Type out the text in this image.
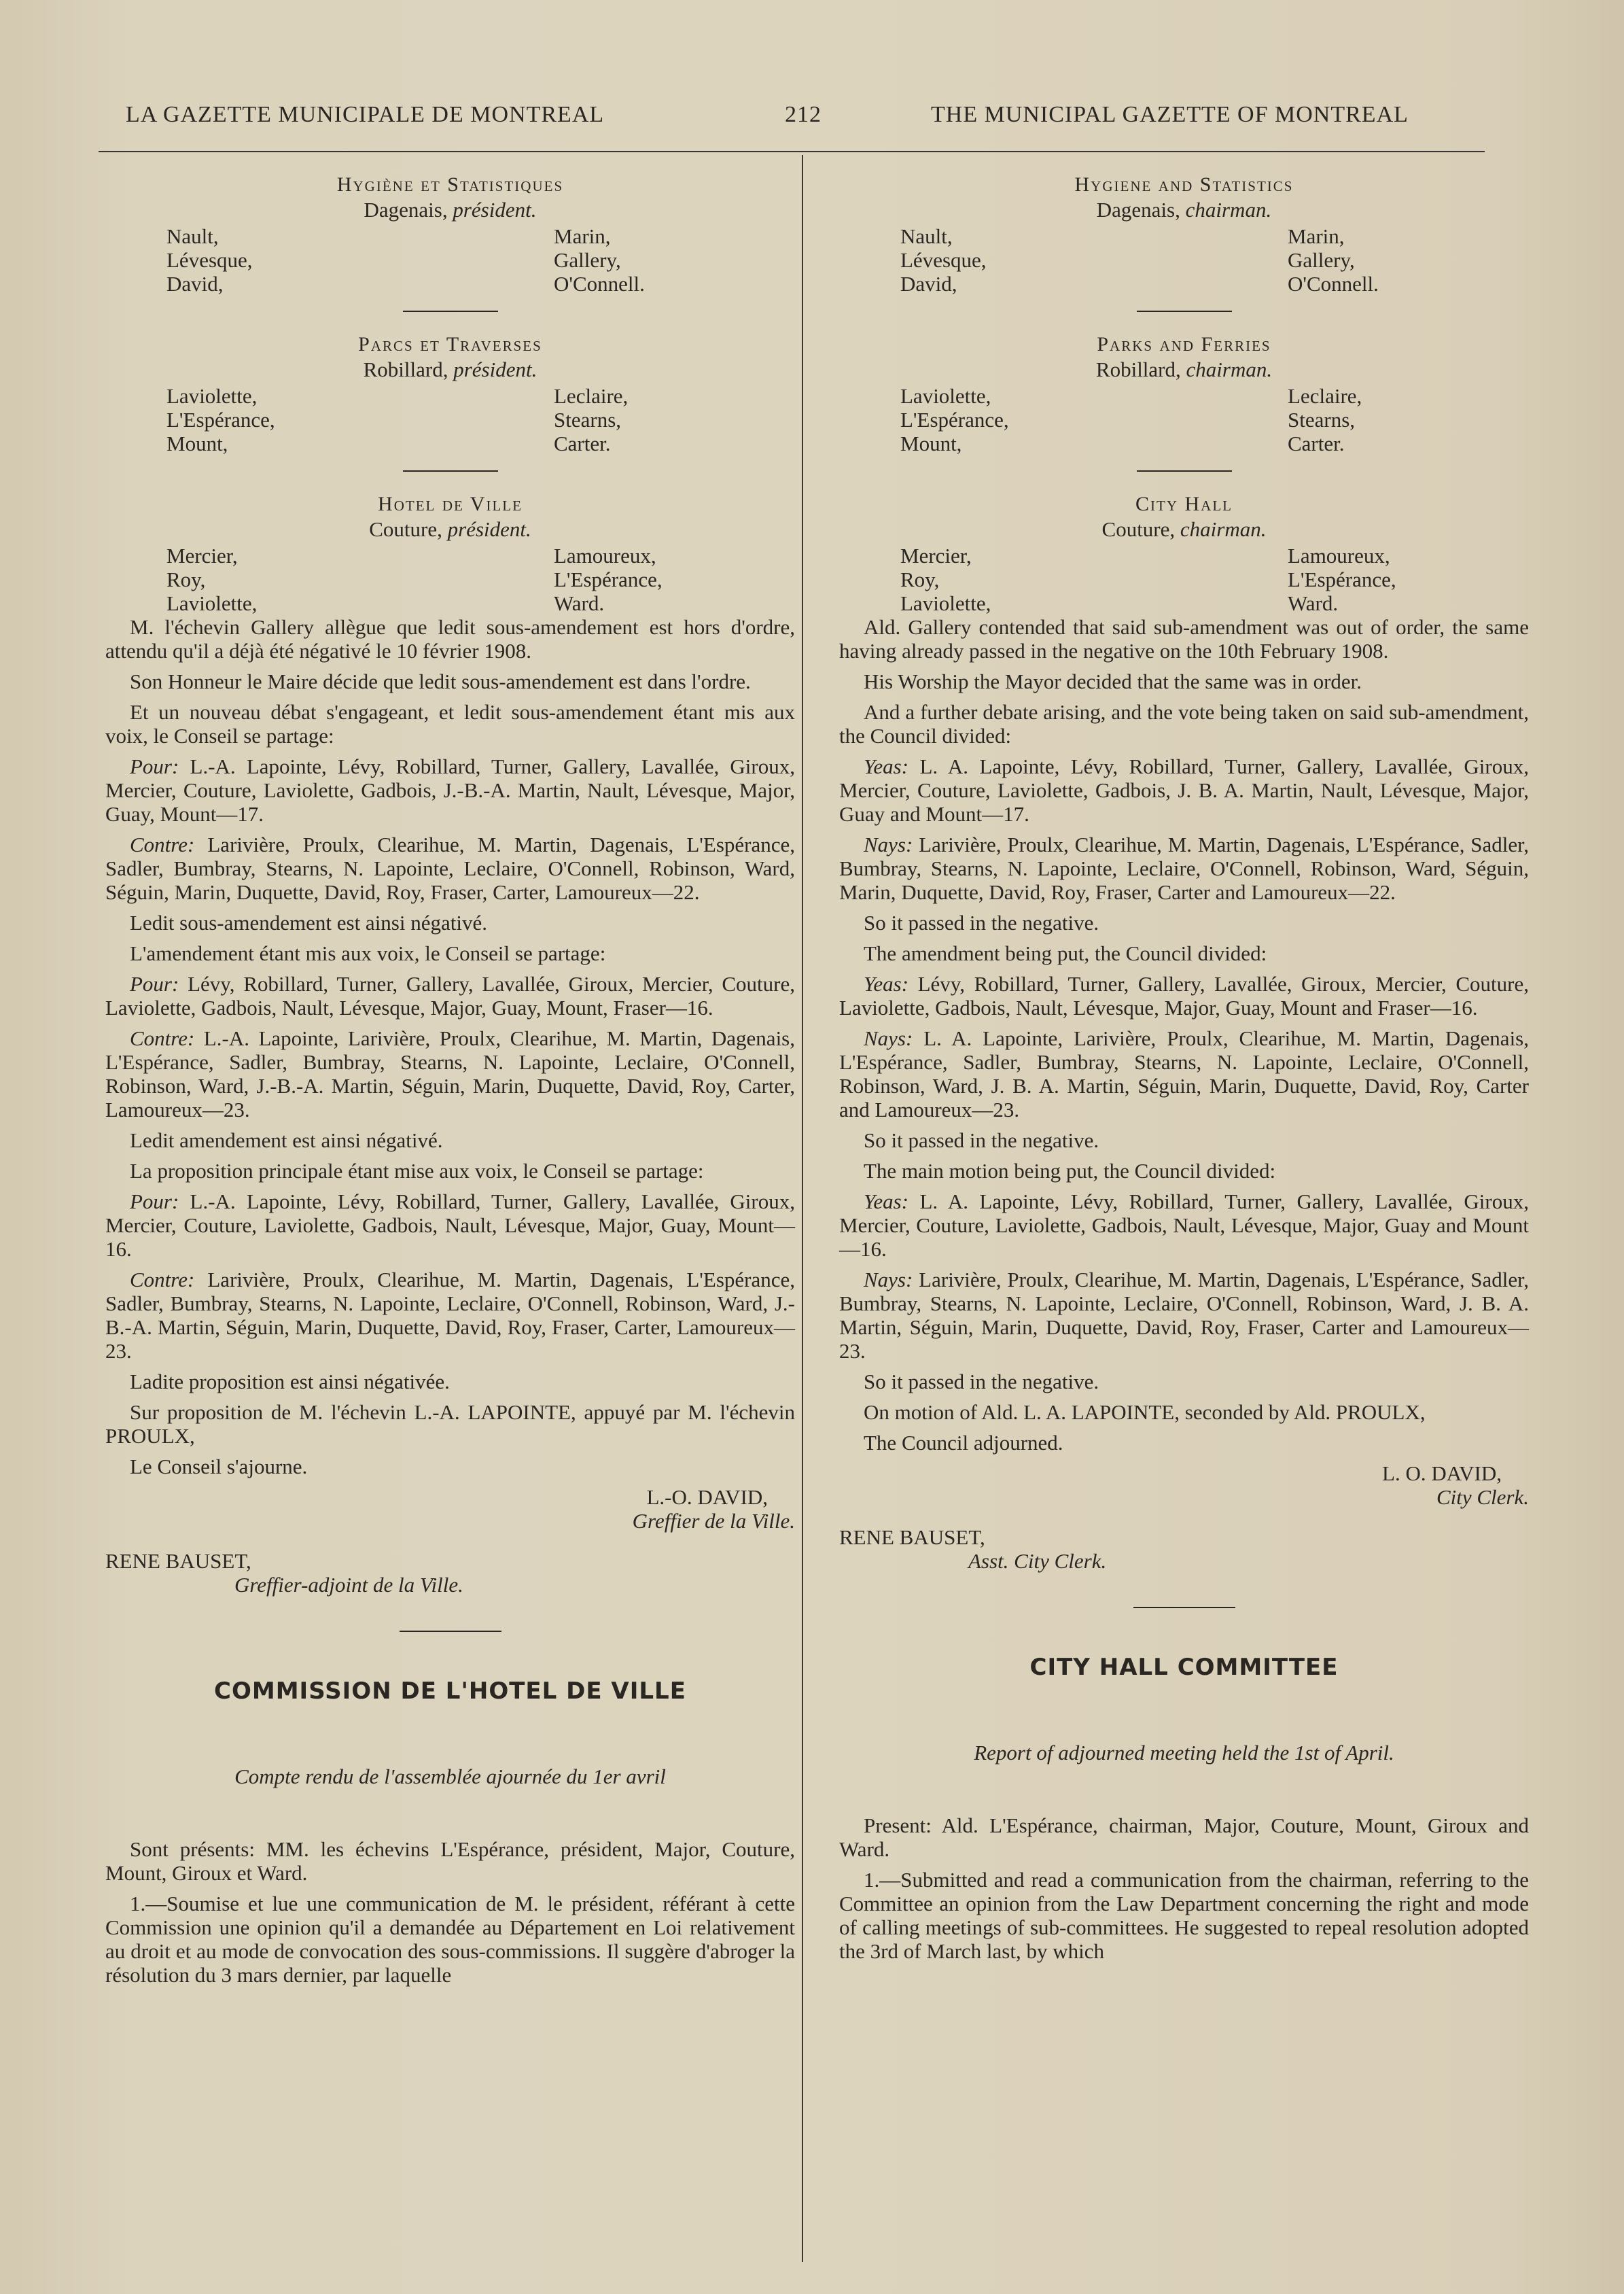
LA GAZETTE MUNICIPALE DE MONTREAL	212	THE MUNICIPAL GAZETTE OF MONTREAL
Hygiène et Statistiques
Dagenais, président.
Nault,
Lévesque,
David,
Marin,
Gallery,
O'Connell.
Parcs et Traverses
Robillard, président.
Laviolette,
L'Espérance,
Mount,
Leclaire,
Stearns,
Carter.
Hotel de Ville
Couture, président.
Mercier,
Roy,
Laviolette,
Lamoureux,
L'Espérance,
Ward.

M. l'échevin Gallery allègue que ledit sous-amendement est hors d'ordre, attendu qu'il a déjà été négativé le 10 février 1908.

Son Honneur le Maire décide que ledit sous-amendement est dans l'ordre.

Et un nouveau débat s'engageant, et ledit sous-amendement étant mis aux voix, le Conseil se partage:

Pour: L.-A. Lapointe, Lévy, Robillard, Turner, Gallery, Lavallée, Giroux, Mercier, Couture, Laviolette, Gadbois, J.-B.-A. Martin, Nault, Lévesque, Major, Guay, Mount—17.

Contre: Larivière, Proulx, Clearihue, M. Martin, Dagenais, L'Espérance, Sadler, Bumbray, Stearns, N. Lapointe, Leclaire, O'Connell, Robinson, Ward, Séguin, Marin, Duquette, David, Roy, Fraser, Carter, Lamoureux—22.

Ledit sous-amendement est ainsi négativé.

L'amendement étant mis aux voix, le Conseil se partage:

Pour: Lévy, Robillard, Turner, Gallery, Lavallée, Giroux, Mercier, Couture, Laviolette, Gadbois, Nault, Lévesque, Major, Guay, Mount, Fraser—16.

Contre: L.-A. Lapointe, Larivière, Proulx, Clearihue, M. Martin, Dagenais, L'Espérance, Sadler, Bumbray, Stearns, N. Lapointe, Leclaire, O'Connell, Robinson, Ward, J.-B.-A. Martin, Séguin, Marin, Duquette, David, Roy, Carter, Lamoureux—23.

Ledit amendement est ainsi négativé.

La proposition principale étant mise aux voix, le Conseil se partage:

Pour: L.-A. Lapointe, Lévy, Robillard, Turner, Gallery, Lavallée, Giroux, Mercier, Couture, Laviolette, Gadbois, Nault, Lévesque, Major, Guay, Mount—16.

Contre: Larivière, Proulx, Clearihue, M. Martin, Dagenais, L'Espérance, Sadler, Bumbray, Stearns, N. Lapointe, Leclaire, O'Connell, Robinson, Ward, J.-B.-A. Martin, Séguin, Marin, Duquette, David, Roy, Fraser, Carter, Lamoureux—23.

Ladite proposition est ainsi négativée.

Sur proposition de M. l'échevin L.-A. LAPOINTE, appuyé par M. l'échevin PROULX,

Le Conseil s'ajourne.

L.-O. DAVID,
Greffier de la Ville.
RENE BAUSET,
Greffier-adjoint de la Ville.
COMMISSION DE L'HOTEL DE VILLE
Compte rendu de l'assemblée ajournée du 1er avril

Sont présents: MM. les échevins L'Espérance, président, Major, Couture, Mount, Giroux et Ward.

1.—Soumise et lue une communication de M. le président, référant à cette Commission une opinion qu'il a demandée au Département en Loi relativement au droit et au mode de convocation des sous-commissions. Il suggère d'abroger la résolution du 3 mars dernier, par laquelle

Hygiene and Statistics
Dagenais, chairman.
Nault,
Lévesque,
David,
Marin,
Gallery,
O'Connell.
Parks and Ferries
Robillard, chairman.
Laviolette,
L'Espérance,
Mount,
Leclaire,
Stearns,
Carter.
City Hall
Couture, chairman.
Mercier,
Roy,
Laviolette,
Lamoureux,
L'Espérance,
Ward.

Ald. Gallery contended that said sub-amendment was out of order, the same having already passed in the negative on the 10th February 1908.

His Worship the Mayor decided that the same was in order.

And a further debate arising, and the vote being taken on said sub-amendment, the Council divided:

Yeas: L. A. Lapointe, Lévy, Robillard, Turner, Gallery, Lavallée, Giroux, Mercier, Couture, Laviolette, Gadbois, J. B. A. Martin, Nault, Lévesque, Major, Guay and Mount—17.

Nays: Larivière, Proulx, Clearihue, M. Martin, Dagenais, L'Espérance, Sadler, Bumbray, Stearns, N. Lapointe, Leclaire, O'Connell, Robinson, Ward, Séguin, Marin, Duquette, David, Roy, Fraser, Carter and Lamoureux—22.

So it passed in the negative.

The amendment being put, the Council divided:

Yeas: Lévy, Robillard, Turner, Gallery, Lavallée, Giroux, Mercier, Couture, Laviolette, Gadbois, Nault, Lévesque, Major, Guay, Mount and Fraser—16.

Nays: L. A. Lapointe, Larivière, Proulx, Clearihue, M. Martin, Dagenais, L'Espérance, Sadler, Bumbray, Stearns, N. Lapointe, Leclaire, O'Connell, Robinson, Ward, J. B. A. Martin, Séguin, Marin, Duquette, David, Roy, Carter and Lamoureux—23.

So it passed in the negative.

The main motion being put, the Council divided:

Yeas: L. A. Lapointe, Lévy, Robillard, Turner, Gallery, Lavallée, Giroux, Mercier, Couture, Laviolette, Gadbois, Nault, Lévesque, Major, Guay and Mount—16.

Nays: Larivière, Proulx, Clearihue, M. Martin, Dagenais, L'Espérance, Sadler, Bumbray, Stearns, N. Lapointe, Leclaire, O'Connell, Robinson, Ward, J. B. A. Martin, Séguin, Marin, Duquette, David, Roy, Fraser, Carter and Lamoureux—23.

So it passed in the negative.

On motion of Ald. L. A. LAPOINTE, seconded by Ald. PROULX,

The Council adjourned.

L. O. DAVID,
City Clerk.
RENE BAUSET,
Asst. City Clerk.
CITY HALL COMMITTEE
Report of adjourned meeting held the 1st of April.

Present: Ald. L'Espérance, chairman, Major, Couture, Mount, Giroux and Ward.

1.—Submitted and read a communication from the chairman, referring to the Committee an opinion from the Law Department concerning the right and mode of calling meetings of sub-committees. He suggested to repeal resolution adopted the 3rd of March last, by which
